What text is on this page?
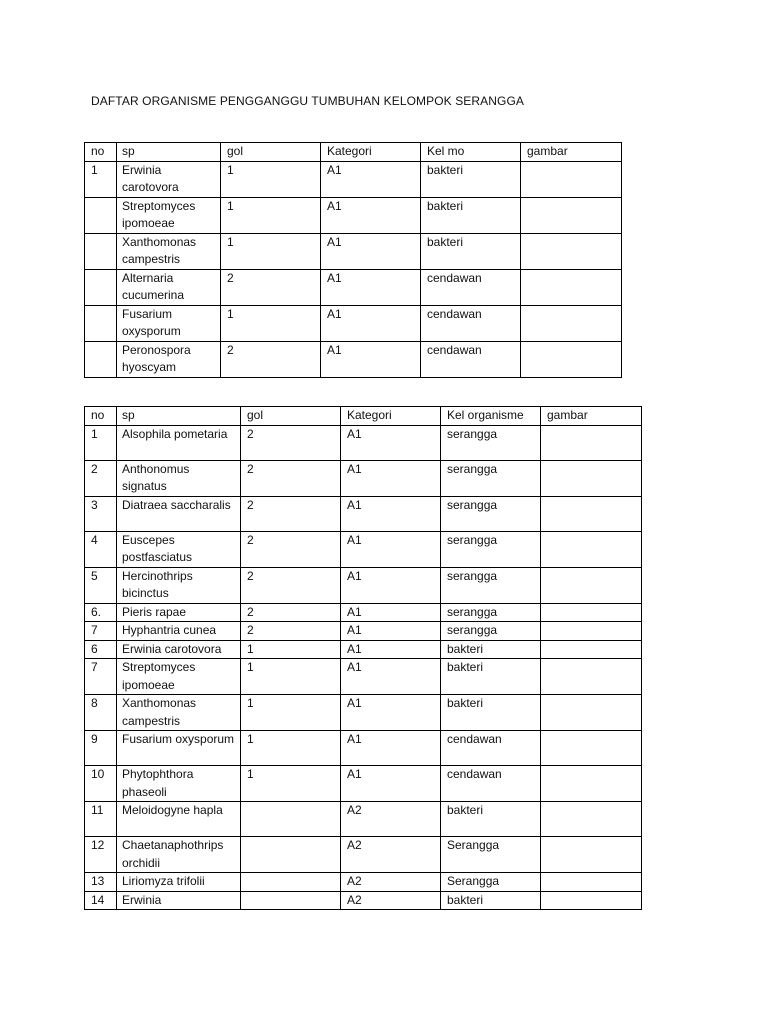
DAFTAR ORGANISME PENGGANGGU TUMBUHAN KELOMPOK SERANGGA
no	sp	gol	Kategori	Kel mo	gambar
1	Erwinia carotovora	1	A1	bakteri	
	Streptomyces ipomoeae	1	A1	bakteri	
	Xanthomonas campestris	1	A1	bakteri	
	Alternaria cucumerina	2	A1	cendawan	
	Fusarium oxysporum	1	A1	cendawan	
	Peronospora hyoscyam	2	A1	cendawan	
no	sp	gol	Kategori	Kel organisme	gambar
1	Alsophila pometaria	2	A1	serangga	
2	Anthonomus signatus	2	A1	serangga	
3	Diatraea saccharalis	2	A1	serangga	
4	Euscepes postfasciatus	2	A1	serangga	
5	Hercinothrips bicinctus	2	A1	serangga	
6.	Pieris rapae	2	A1	serangga	
7	Hyphantria cunea	2	A1	serangga	
6	Erwinia carotovora	1	A1	bakteri	
7	Streptomyces ipomoeae	1	A1	bakteri	
8	Xanthomonas campestris	1	A1	bakteri	
9	Fusarium oxysporum	1	A1	cendawan	
10	Phytophthora phaseoli	1	A1	cendawan	
11	Meloidogyne hapla		A2	bakteri	
12	Chaetanaphothrips orchidii		A2	Serangga	
13	Liriomyza trifolii		A2	Serangga	
14	Erwinia		A2	bakteri	
